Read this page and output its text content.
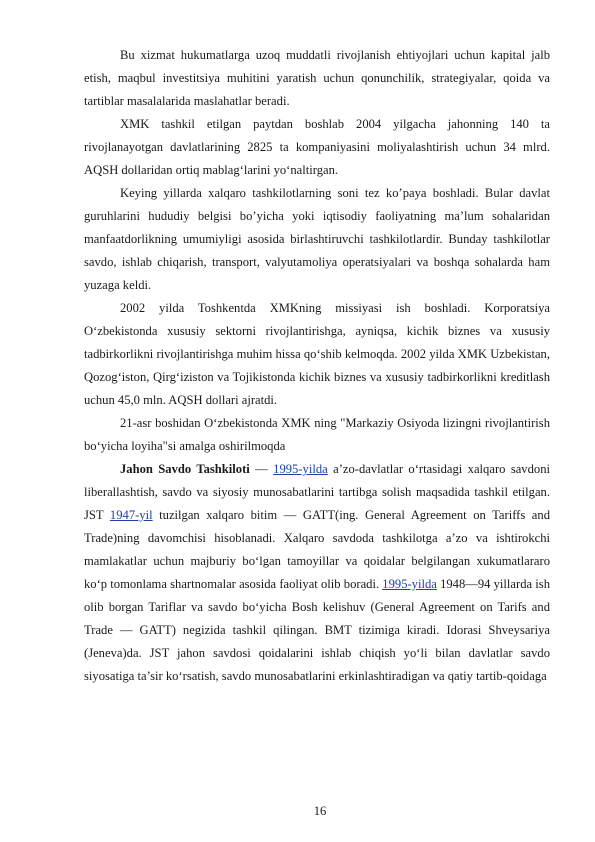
Bu xizmat hukumatlarga uzoq muddatli rivojlanish ehtiyojlari uchun kapital jalb etish, maqbul investitsiya muhitini yaratish uchun qonunchilik, strategiyalar, qoida va tartiblar masalalarida maslahatlar beradi.

XMK tashkil etilgan paytdan boshlab 2004 yilgacha jahonning 140 ta rivojlanayotgan davlatlarining 2825 ta kompaniyasini moliyalashtirish uchun 34 mlrd. AQSH dollaridan ortiq mablag‘larini yo‘naltirgan.

Keying yillarda xalqaro tashkilotlarning soni tez ko’paya boshladi. Bular davlat guruhlarini hududiy belgisi bo’yicha yoki iqtisodiy faoliyatning ma’lum sohalaridan manfaatdorlikning umumiyligi asosida birlashtiruvchi tashkilotlardir. Bunday tashkilotlar savdo, ishlab chiqarish, transport, valyutamoliya operatsiyalari va boshqa sohalarda ham yuzaga keldi.

2002 yilda Toshkentda XMKning missiyasi ish boshladi. Korporatsiya O‘zbekistonda xususiy sektorni rivojlantirishga, ayniqsa, kichik biznes va xususiy tadbirkorlikni rivojlantirishga muhim hissa qo‘shib kelmoqda. 2002 yilda XMK Uzbekistan, Qozog‘iston, Qirg‘iziston va Tojikistonda kichik biznes va xususiy tadbirkorlikni kreditlash uchun 45,0 mln. AQSH dollari ajratdi.

21-asr boshidan O‘zbekistonda XMK ning "Markaziy Osiyoda lizingni rivojlantirish bo‘yicha loyiha"si amalga oshirilmoqda

Jahon Savdo Tashkiloti — 1995-yilda a’zo-davlatlar o‘rtasidagi xalqaro savdoni liberallashtish, savdo va siyosiy munosabatlarini tartibga solish maqsadida tashkil etilgan. JST 1947-yil tuzilgan xalqaro bitim — GATT(ing. General Agreement on Tariffs and Trade)ning davomchisi hisoblanadi. Xalqaro savdoda tashkilotga a’zo va ishtirokchi mamlakatlar uchun majburiy bo‘lgan tamoyillar va qoidalar belgilangan xukumatlararo ko‘p tomonlama shartnomalar asosida faoliyat olib boradi. 1995-yilda 1948—94 yillarda ish olib borgan Tariflar va savdo bo‘yicha Bosh kelishuv (General Agreement on Tarifs and Trade — GATT) negizida tashkil qilingan. BMT tizimiga kiradi. Idorasi Shveysariya (Jeneva)da. JST jahon savdosi qoidalarini ishlab chiqish yo‘li bilan davlatlar savdo siyosatiga ta’sir ko‘rsatish, savdo munosabatlarini erkinlashtiradigan va qatiy tartib-qoidaga

16
